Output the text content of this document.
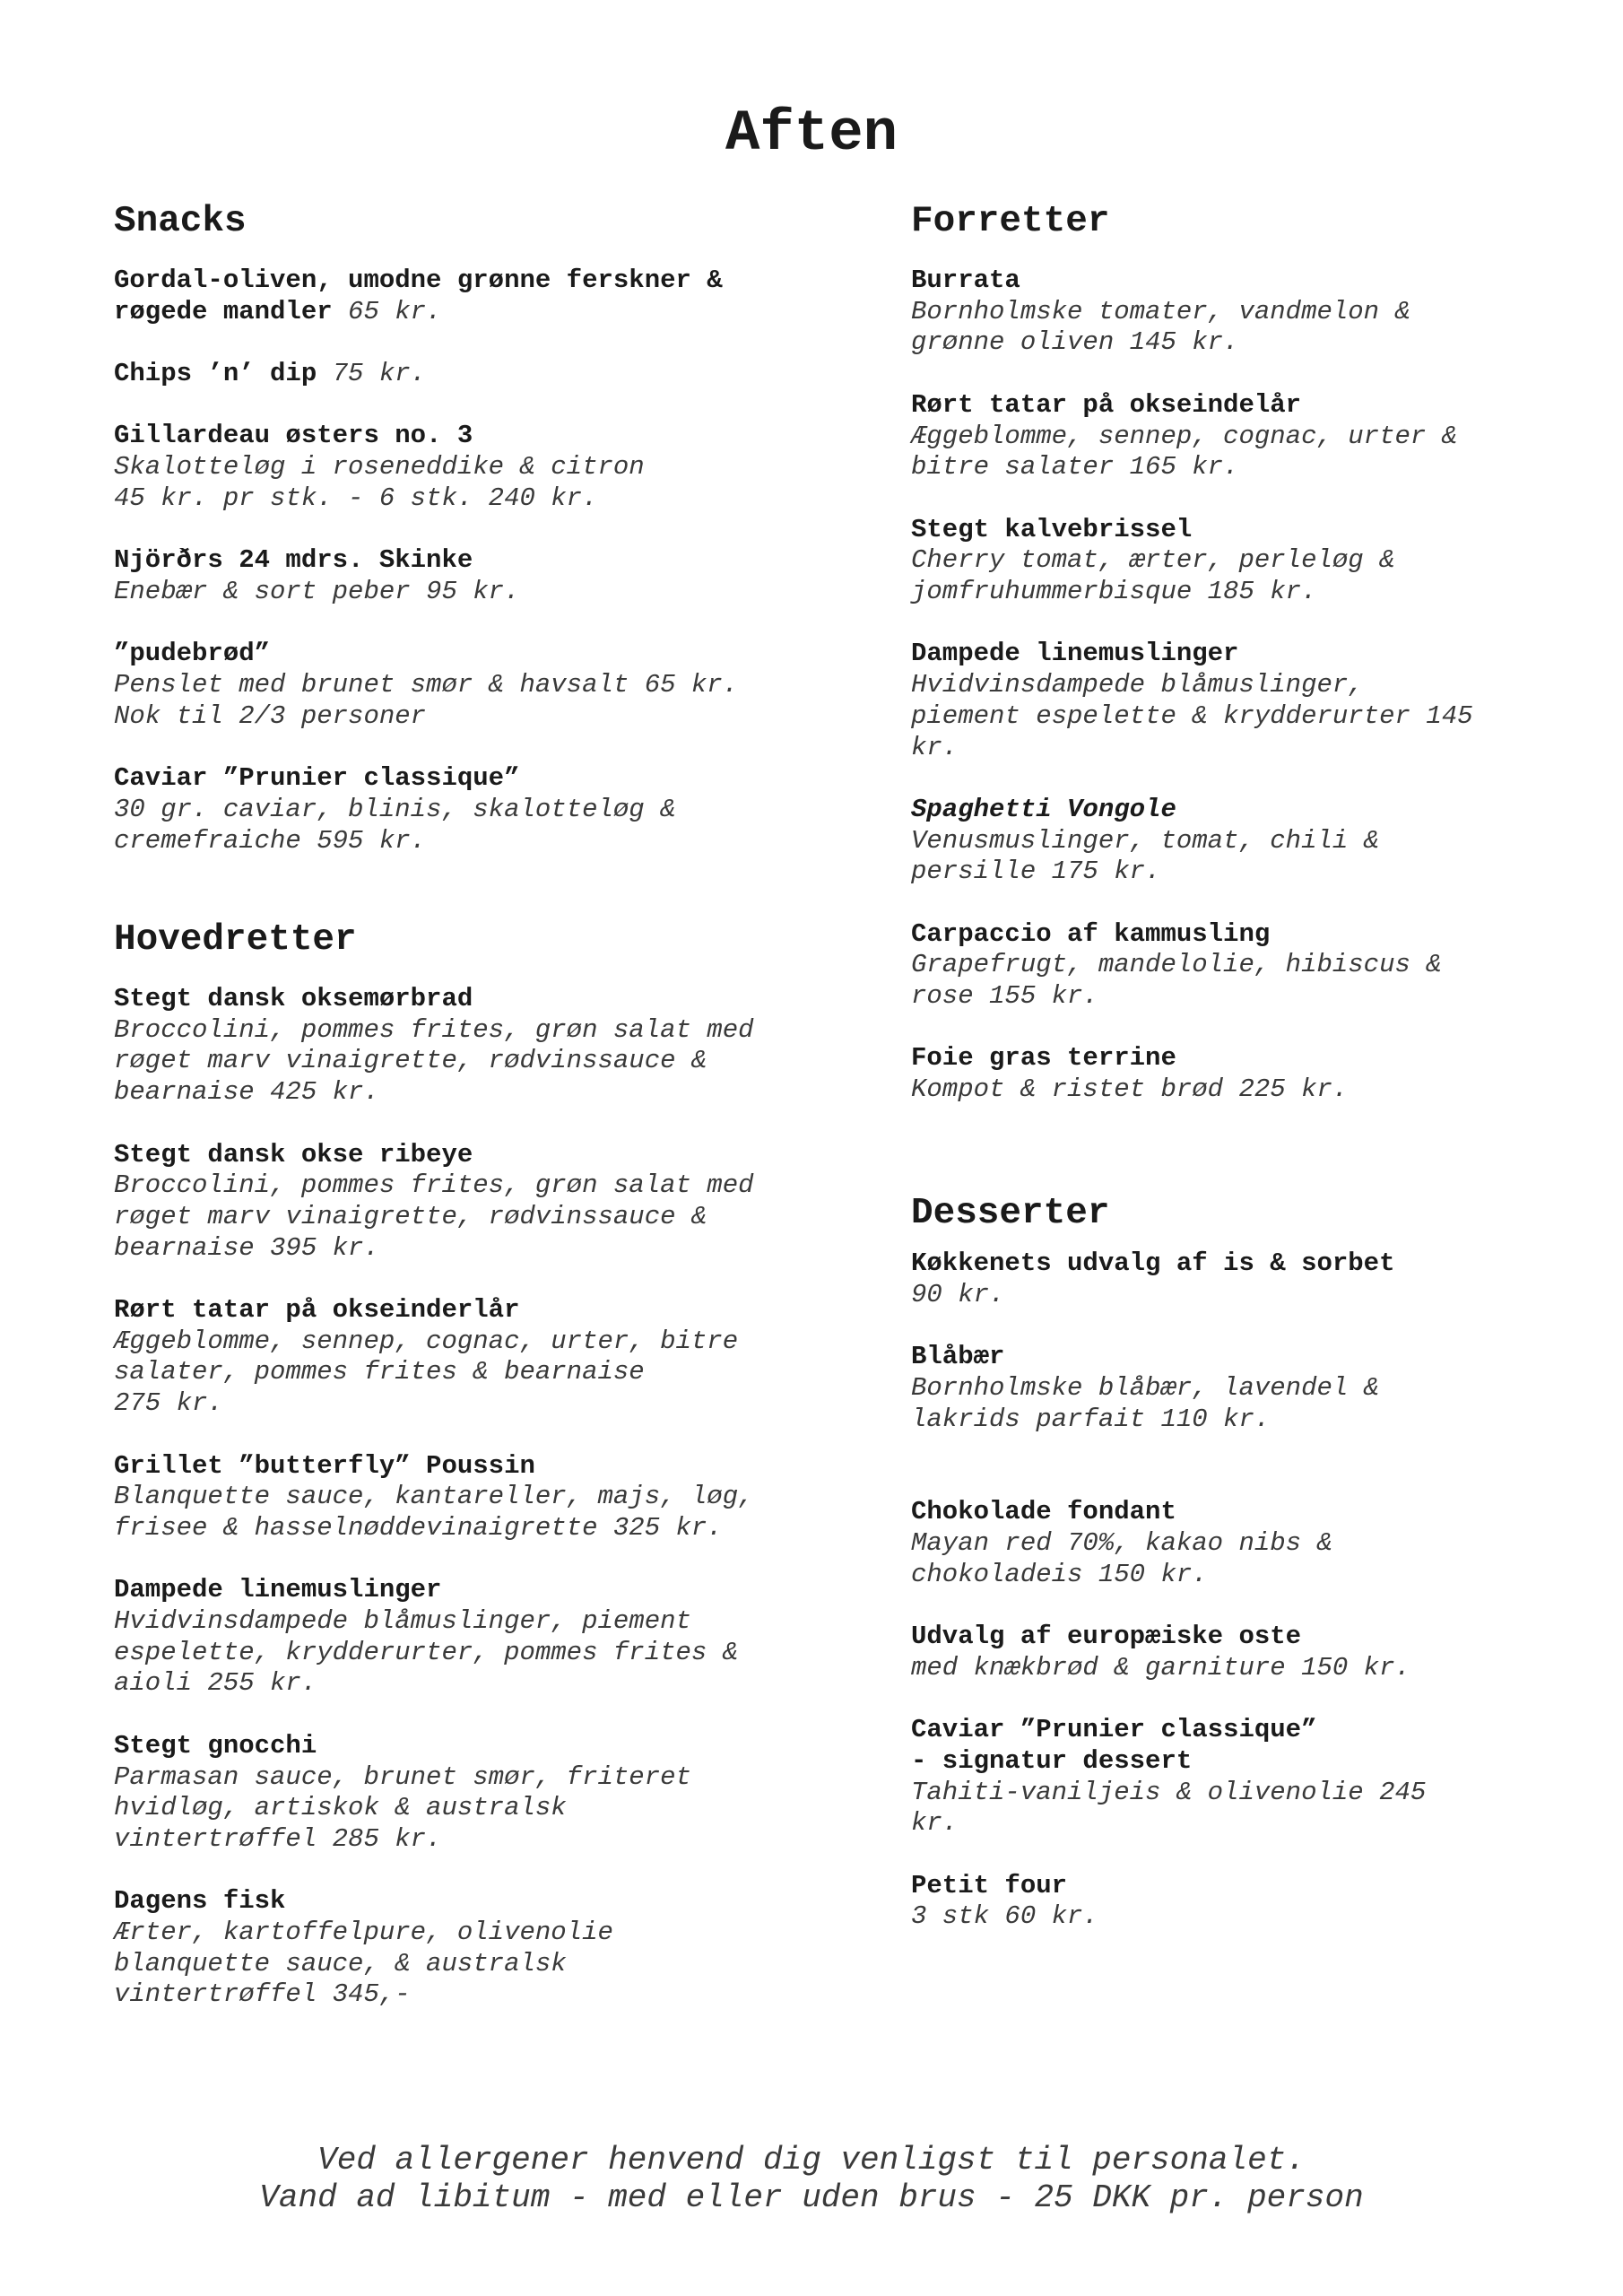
Aften
Snacks
Gordal-oliven, umodne grønne ferskner &
røgede mandler 65 kr.
Chips ’n’ dip 75 kr.
Gillardeau østers no. 3
Skalotteløg i roseneddike & citron
45 kr. pr stk. - 6 stk. 240 kr.
Njörðrs 24 mdrs. Skinke
Enebær & sort peber 95 kr.
”pudebrød”
Penslet med brunet smør & havsalt 65 kr.
Nok til 2/3 personer
Caviar ”Prunier classique”
30 gr. caviar, blinis, skalotteløg &
cremefraiche 595 kr.
Hovedretter
Stegt dansk oksemørbrad
Broccolini, pommes frites, grøn salat med
røget marv vinaigrette, rødvinssauce &
bearnaise 425 kr.
Stegt dansk okse ribeye
Broccolini, pommes frites, grøn salat med
røget marv vinaigrette, rødvinssauce &
bearnaise 395 kr.
Rørt tatar på okseinderlår
Æggeblomme, sennep, cognac, urter, bitre
salater, pommes frites & bearnaise
275 kr.
Grillet ”butterfly” Poussin
Blanquette sauce, kantareller, majs, løg,
frisee & hasselnøddevinaigrette 325 kr.
Dampede linemuslinger
Hvidvinsdampede blåmuslinger, piement
espelette, krydderurter, pommes frites &
aioli 255 kr.
Stegt gnocchi
Parmasan sauce, brunet smør, friteret
hvidløg, artiskok & australsk
vintertrøffel 285 kr.
Dagens fisk
Ærter, kartoffelpure, olivenolie
blanquette sauce, & australsk
vintertrøffel 345,-
Forretter
Burrata
Bornholmske tomater, vandmelon &
grønne oliven 145 kr.
Rørt tatar på okseindelår
Æggeblomme, sennep, cognac, urter &
bitre salater 165 kr.
Stegt kalvebrissel
Cherry tomat, ærter, perleløg &
jomfruhummerbisque 185 kr.
Dampede linemuslinger
Hvidvinsdampede blåmuslinger,
piement espelette & krydderurter 145
kr.
Spaghetti Vongole
Venusmuslinger, tomat, chili &
persille 175 kr.
Carpaccio af kammusling
Grapefrugt, mandelolie, hibiscus &
rose 155 kr.
Foie gras terrine
Kompot & ristet brød 225 kr.
Desserter
Køkkenets udvalg af is & sorbet
90 kr.
Blåbær
Bornholmske blåbær, lavendel &
lakrids parfait 110 kr.
Chokolade fondant
Mayan red 70%, kakao nibs &
chokoladeis 150 kr.
Udvalg af europæiske oste
med knækbrød & garniture 150 kr.
Caviar ”Prunier classique”
- signatur dessert
Tahiti-vaniljeis & olivenolie 245
kr.
Petit four
3 stk 60 kr.
Ved allergener henvend dig venligst til personalet.
Vand ad libitum - med eller uden brus - 25 DKK pr. person
